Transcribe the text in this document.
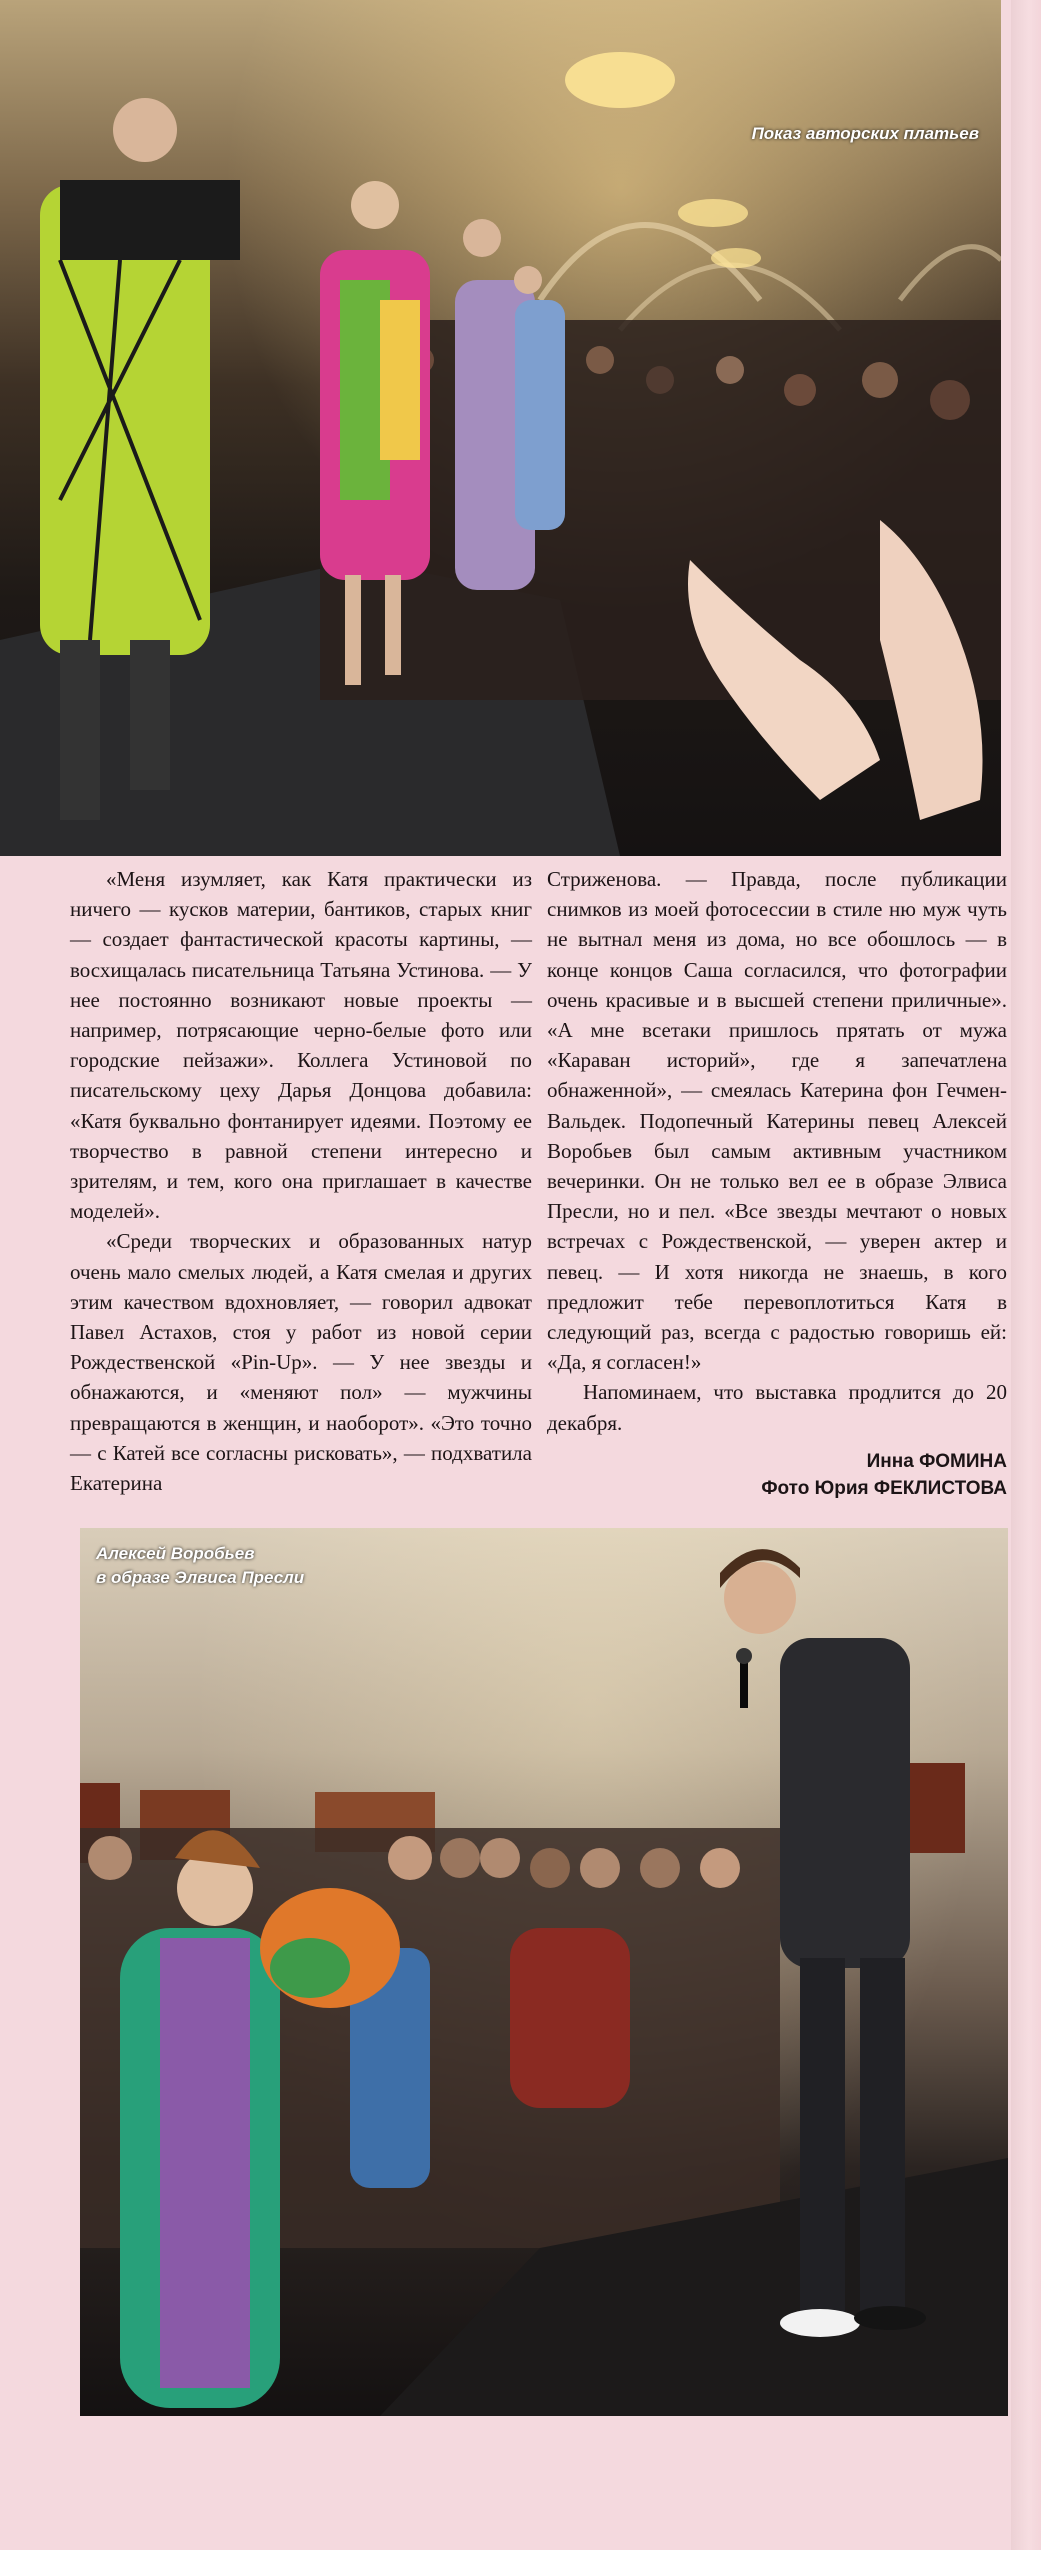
Показ авторских платьев

«Меня изумляет, как Катя практически из ничего — кусков материи, бантиков, старых книг — создает фантастической красоты картины, — восхищалась писательница Татьяна Устинова. — У нее постоянно возникают новые проекты — например, потрясающие черно-белые фото или городские пейзажи». Коллега Устиновой по писательскому цеху Дарья Донцова добавила: «Катя буквально фонтанирует идеями. Поэтому ее творчество в равной степени интересно и зрителям, и тем, кого она приглашает в качестве моделей».

«Среди творческих и образованных натур очень мало смелых людей, а Катя смелая и других этим качеством вдохновляет, — говорил адвокат Павел Астахов, стоя у работ из новой серии Рождественской «Pin-Up». — У нее звезды и обнажаются, и «меняют пол» — мужчины превращаются в женщин, и наоборот». «Это точно — с Катей все согласны рисковать», — подхватила Екатерина

Стриженова. — Правда, после публикации снимков из моей фотосессии в стиле ню муж чуть не вытнал меня из дома, но все обошлось — в конце концов Саша согласился, что фотографии очень красивые и в высшей степени приличные». «А мне всетаки пришлось прятать от мужа «Караван историй», где я запечатлена обнаженной», — смеялась Катерина фон Гечмен-Вальдек. Подопечный Катерины певец Алексей Воробьев был самым активным участником вечеринки. Он не только вел ее в образе Элвиса Пресли, но и пел. «Все звезды мечтают о новых встречах с Рождественской, — уверен актер и певец. — И хотя никогда не знаешь, в кого предложит тебе перевоплотиться Катя в следующий раз, всегда с радостью говоришь ей: «Да, я согласен!»

Напоминаем, что выставка продлится до 20 декабря.

Инна ФОМИНА
Фото Юрия ФЕКЛИСТОВА
Алексей Воробьев
в образе Элвиса Пресли
